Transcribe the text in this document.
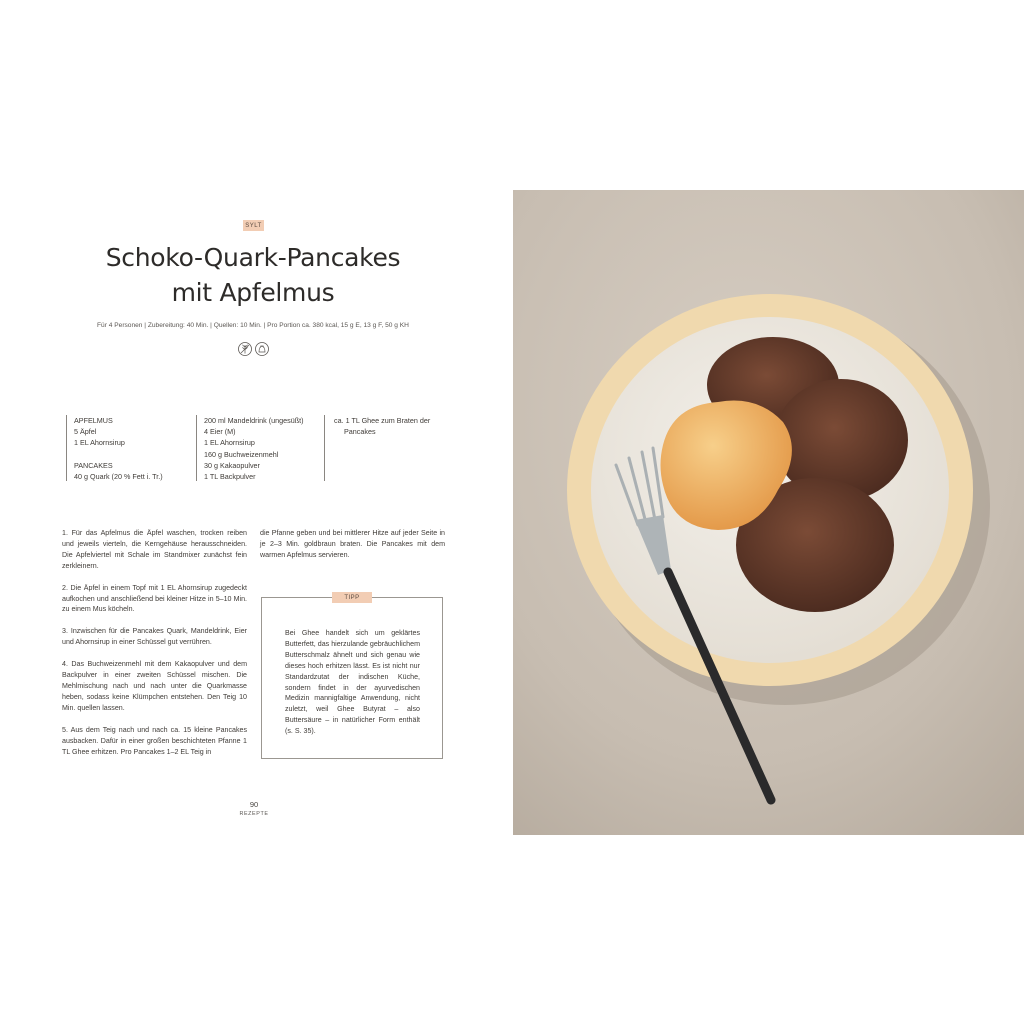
SYLT
Schoko-Quark-Pancakes
mit Apfelmus
Für 4 Personen | Zubereitung: 40 Min. | Quellen: 10 Min. | Pro Portion ca. 380 kcal, 15 g E, 13 g F, 50 g KH
APFELMUS
5 Äpfel
1 EL Ahornsirup
PANCAKES
40 g Quark (20 % Fett i. Tr.)
200 ml Mandeldrink (ungesüßt)
4 Eier (M)
1 EL Ahornsirup
160 g Buchweizenmehl
30 g Kakaopulver
1 TL Backpulver
ca. 1 TL Ghee zum Braten der
Pancakes

1. Für das Apfelmus die Äpfel waschen, trocken reiben und jeweils vierteln, die Kerngehäuse herausschneiden. Die Apfelviertel mit Schale im Standmixer zunächst fein zerkleinern.

2. Die Äpfel in einem Topf mit 1 EL Ahornsirup zugedeckt aufkochen und anschließend bei kleiner Hitze in 5–10 Min. zu einem Mus köcheln.

3. Inzwischen für die Pancakes Quark, Mandeldrink, Eier und Ahornsirup in einer Schüssel gut verrühren.

4. Das Buchweizenmehl mit dem Kakaopulver und dem Backpulver in einer zweiten Schüssel mischen. Die Mehlmischung nach und nach unter die Quarkmasse heben, sodass keine Klümpchen entstehen. Den Teig 10 Min. quellen lassen.

5. Aus dem Teig nach und nach ca. 15 kleine Pancakes ausbacken. Dafür in einer großen beschichteten Pfanne 1 TL Ghee erhitzen. Pro Pancakes 1–2 EL Teig in

die Pfanne geben und bei mittlerer Hitze auf jeder Seite in je 2–3 Min. goldbraun braten. Die Pancakes mit dem warmen Apfelmus servieren.

TIPP

Bei Ghee handelt sich um geklärtes Butterfett, das hierzulande gebräuchlichem Butterschmalz ähnelt und sich genau wie dieses hoch erhitzen lässt. Es ist nicht nur Standardzutat der indischen Küche, sondern findet in der ayurvedischen Medizin mannigfaltige Anwendung, nicht zuletzt, weil Ghee Butyrat – also Buttersäure – in natürlicher Form enthält (s. S. 35).

90
REZEPTE
